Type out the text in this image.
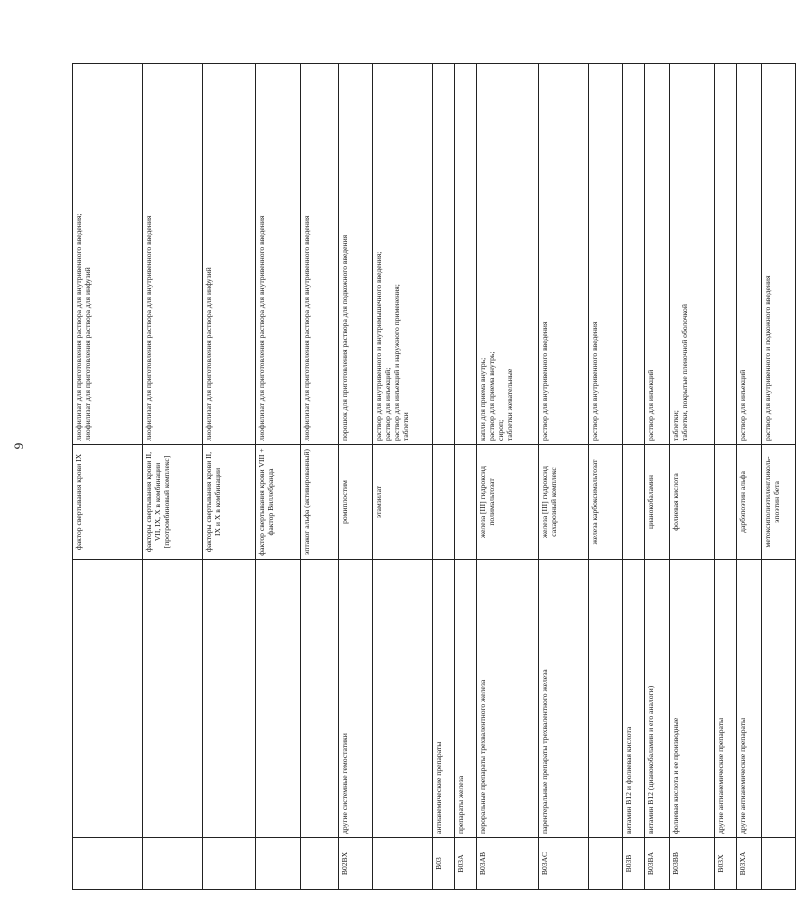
9
		фактор свертывания крови IX	лиофилизат для приготовления раствора для внутривенного введения; лиофилизат для приготовления раствора для инфузий

		факторы свертывания крови II, VII, IX, X в комбинации [протромбиновый комплекс]	лиофилизат для приготовления раствора для внутривенного введения

		факторы свертывания крови II, IX и X в комбинации	лиофилизат для приготовления раствора для инфузий

		фактор свертывания крови VIII + фактор Виллебранда	лиофилизат для приготовления раствора для внутривенного введения

		эптаког альфа (активированный)	лиофилизат для приготовления раствора для внутривенного введения

B02BX	другие системные гемостатики	ромиплостим	порошок для приготовления раствора для подкожного введения

		этамзилат	раствор для внутривенного и внутримышечного введения; раствор для инъекций; раствор для инъекций и наружного применения; таблетки

B03	антианемические препараты		
B03A	препараты железа		
B03AB	пероральные препараты трехвалентного железа	железа [III] гидроксид полимальтозат	капли для приема внутрь; раствор для приема внутрь; сироп; таблетки жевательные

B03AC	парентеральные препараты трехвалентного железа	железа [III] гидроксид сахарозный комплекс	раствор для внутривенного введения

		железа карбоксимальтозат	раствор для внутривенного введения

B03B	витамин B12 и фолиевая кислота		
B03BA	витамин B12 (цианокобаламин и его аналоги)	цианокобаламин	раствор для инъекций

B03BB	фолиевая кислота и ее производные	фолиевая кислота	таблетки; таблетки, покрытые пленочной оболочкой

B03X	другие антианемические препараты		
B03XA	другие антианемические препараты	дарбэпоэтин альфа	раствор для инъекций

		метоксиполиэтиленгликоль-эпоэтин бета	раствор для внутривенного и подкожного введения
